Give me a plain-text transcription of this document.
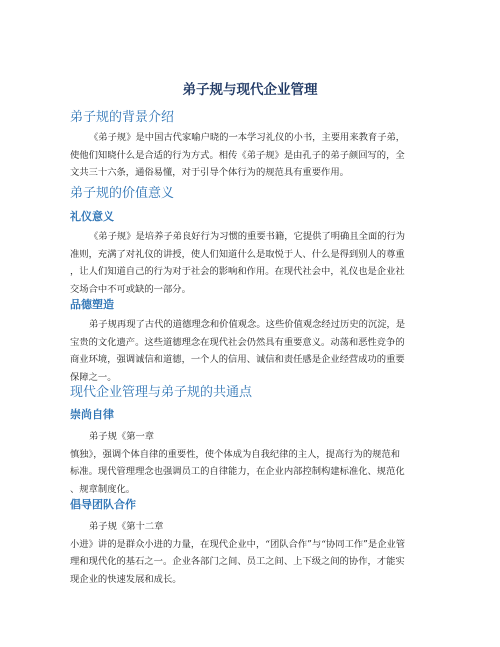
弟子规与现代企业管理
弟子规的背景介绍
《弟子规》是中国古代家喻户晓的一本学习礼仪的小书，主要用来教育子弟，
使他们知晓什么是合适的行为方式。相传《弟子规》是由孔子的弟子颜回写的，全
文共三十六条，通俗易懂，对于引导个体行为的规范具有重要作用。
弟子规的价值意义
礼仪意义
《弟子规》是培养子弟良好行为习惯的重要书籍，它提供了明确且全面的行为
准则，充满了对礼仪的讲授，使人们知道什么是取悦于人、什么是得到别人的尊重
，让人们知道自己的行为对于社会的影响和作用。在现代社会中，礼仪也是企业社
交场合中不可或缺的一部分。
品德塑造
弟子规再现了古代的道德理念和价值观念。这些价值观念经过历史的沉淀，是
宝贵的文化遗产。这些道德理念在现代社会仍然具有重要意义。动荡和恶性竞争的
商业环境，强调诚信和道德，一个人的信用、诚信和责任感是企业经营成功的重要
保障之一。
现代企业管理与弟子规的共通点
崇尚自律
弟子规《第一章
慎独》，强调个体自律的重要性，使个体成为自我纪律的主人，提高行为的规范和
标准。现代管理理念也强调员工的自律能力，在企业内部控制构建标准化、规范化
、规章制度化。
倡导团队合作
弟子规《第十二章
小进》讲的是群众小进的力量，在现代企业中，“团队合作”与“协同工作”是企业管
理和现代化的基石之一。企业各部门之间、员工之间、上下级之间的协作，才能实
现企业的快速发展和成长。
